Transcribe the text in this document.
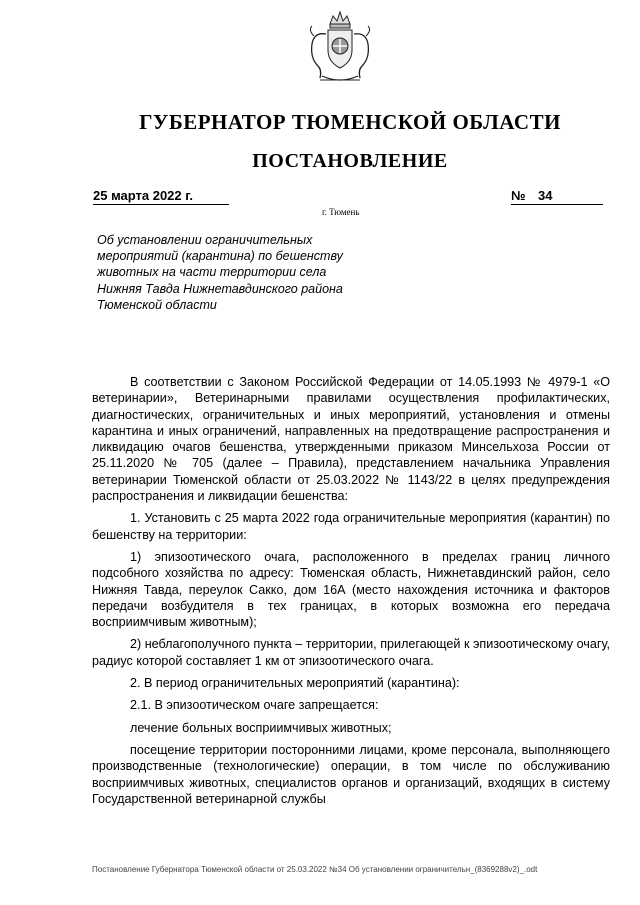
ГУБЕРНАТОР ТЮМЕНСКОЙ ОБЛАСТИ
ПОСТАНОВЛЕНИЕ
25 марта 2022 г.	№ 34
г. Тюмень
Об установлении ограничительных мероприятий (карантина) по бешенству животных на части территории села Нижняя Тавда Нижнетавдинского района Тюменской области

В соответствии с Законом Российской Федерации от 14.05.1993 № 4979-1 «О ветеринарии», Ветеринарными правилами осуществления профилактических, диагностических, ограничительных и иных мероприятий, установления и отмены карантина и иных ограничений, направленных на предотвращение распространения и ликвидацию очагов бешенства, утвержденными приказом Минсельхоза России от 25.11.2020 № 705 (далее – Правила), представлением начальника Управления ветеринарии Тюменской области от 25.03.2022 № 1143/22 в целях предупреждения распространения и ликвидации бешенства:

1. Установить с 25 марта 2022 года ограничительные мероприятия (карантин) по бешенству на территории:

1) эпизоотического очага, расположенного в пределах границ личного подсобного хозяйства по адресу: Тюменская область, Нижнетавдинский район, село Нижняя Тавда, переулок Сакко, дом 16А (место нахождения источника и факторов передачи возбудителя в тех границах, в которых возможна его передача восприимчивым животным);

2) неблагополучного пункта – территории, прилегающей к эпизоотическому очагу, радиус которой составляет 1 км от эпизоотического очага.

2. В период ограничительных мероприятий (карантина):

2.1. В эпизоотическом очаге запрещается:

лечение больных восприимчивых животных;

посещение территории посторонними лицами, кроме персонала, выполняющего производственные (технологические) операции, в том числе по обслуживанию восприимчивых животных, специалистов органов и организаций, входящих в систему Государственной ветеринарной службы

Постановление Губернатора Тюменской области от 25.03.2022 №34 Об установлении ограничительн_(8369288v2)_.odt
